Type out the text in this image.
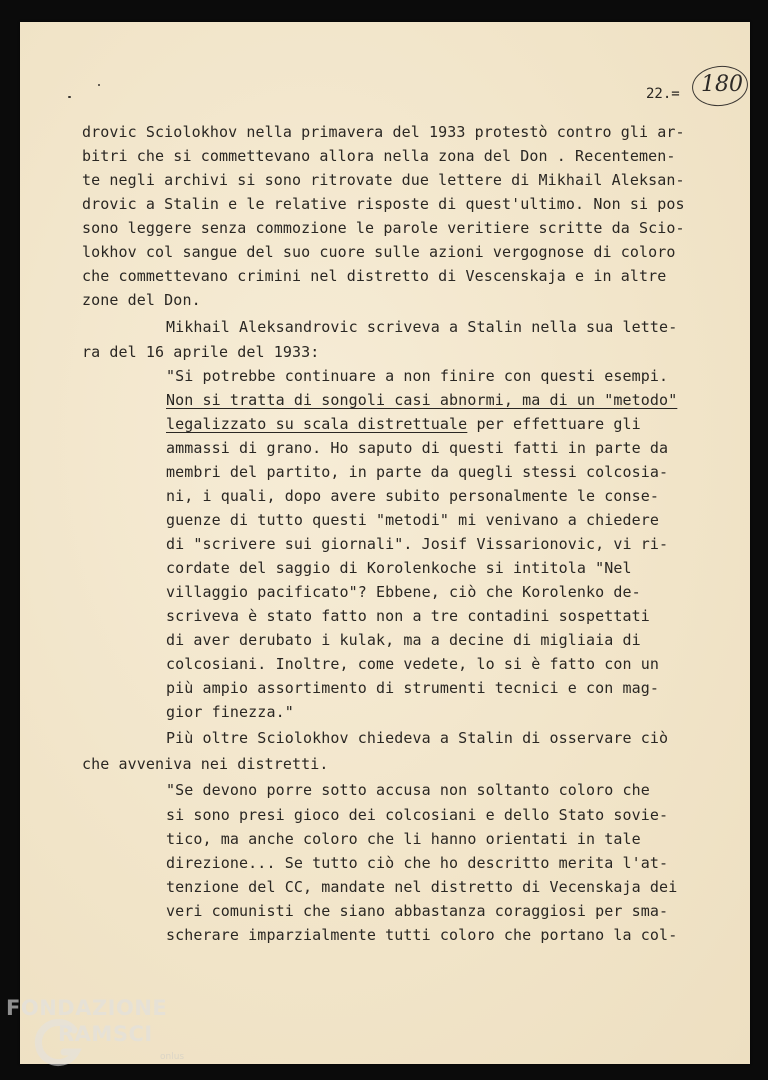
22.= 180
drovic Sciolokhov nella primavera del 1933 protestò contro gli ar-
bitri che si commettevano allora nella zona del Don . Recentemen-
te negli archivi si sono ritrovate due lettere di Mikhail Aleksan-
drovic a Stalin e le relative risposte di quest'ultimo. Non si pos
sono leggere senza commozione le parole veritiere scritte da Scio-
lokhov col sangue del suo cuore sulle azioni vergognose di coloro
che commettevano crimini nel distretto di Vescenskaja e in altre
zone del Don.
Mikhail Aleksandrovic scriveva a Stalin nella sua lette-
ra del 16 aprile del 1933:
"Si potrebbe continuare a non finire con questi esempi.
Non si tratta di songoli casi abnormi, ma di un "metodo"
legalizzato su scala distrettuale per effettuare gli
ammassi di grano. Ho saputo di questi fatti in parte da
membri del partito, in parte da quegli stessi colcosia-
ni, i quali, dopo avere subito personalmente le conse-
guenze di tutto questi "metodi" mi venivano a chiedere
di "scrivere sui giornali". Josif Vissarionovic, vi ri-
cordate del saggio di Korolenkoche si intitola "Nel
villaggio pacificato"? Ebbene, ciò che Korolenko de-
scriveva è stato fatto non a tre contadini sospettati
di aver derubato i kulak, ma a decine di migliaia di
colcosiani. Inoltre, come vedete, lo si è fatto con un
più ampio assortimento di strumenti tecnici e con mag-
gior finezza."
Più oltre Sciolokhov chiedeva a Stalin di osservare ciò
che avveniva nei distretti.
"Se devono porre sotto accusa non soltanto coloro che
si sono presi gioco dei colcosiani e dello Stato sovie-
tico, ma anche coloro che li hanno orientati in tale
direzione... Se tutto ciò che ho descritto merita l'at-
tenzione del CC, mandate nel distretto di Vecenskaja dei
veri comunisti che siano abbastanza coraggiosi per sma-
scherare imparzialmente tutti coloro che portano la col-
FONDAZIONE
RAMSCI
onlus
